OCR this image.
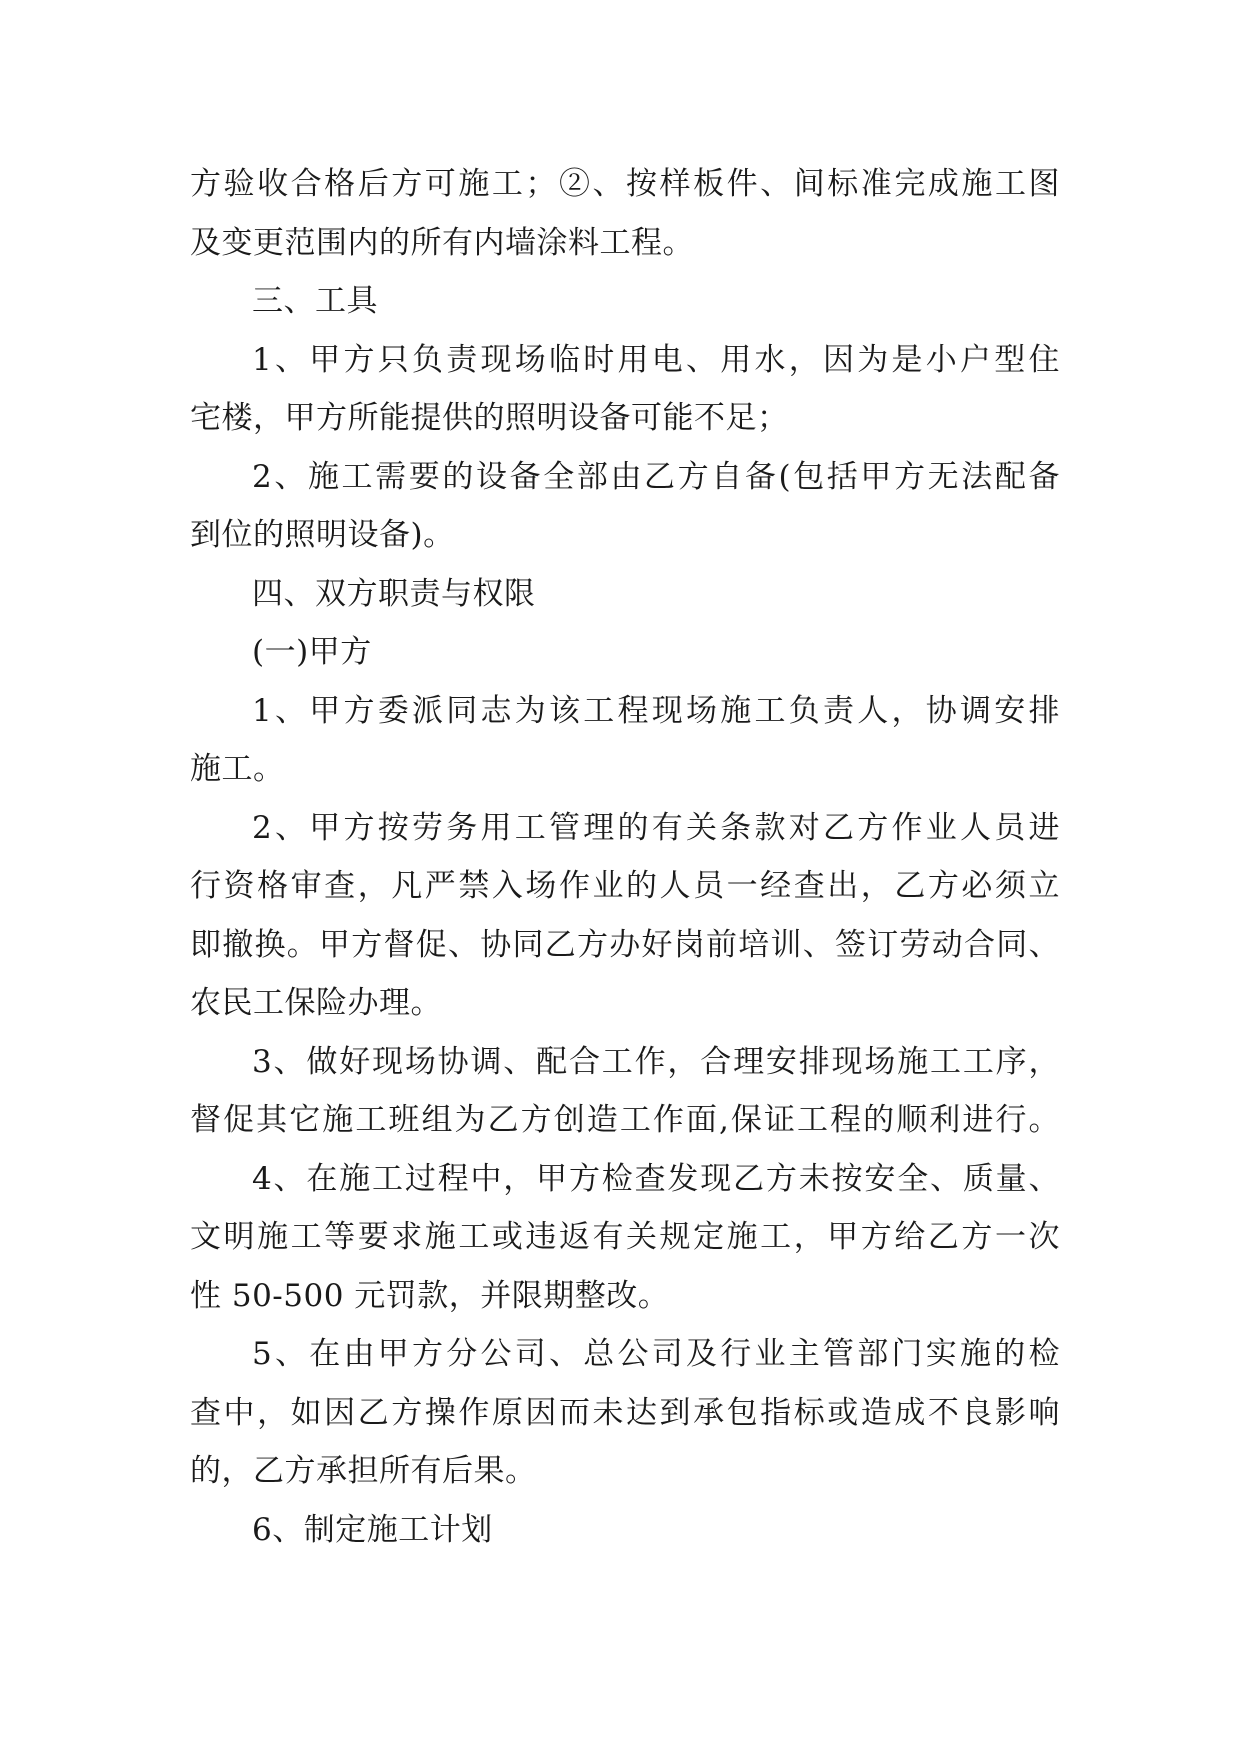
方验收合格后方可施工；②、按样板件、间标准完成施工图
及变更范围内的所有内墙涂料工程。
三、工具
1、甲方只负责现场临时用电、用水，因为是小户型住
宅楼，甲方所能提供的照明设备可能不足；
2、施工需要的设备全部由乙方自备(包括甲方无法配备
到位的照明设备)。
四、双方职责与权限
(一)甲方
1、甲方委派同志为该工程现场施工负责人，协调安排
施工。
2、甲方按劳务用工管理的有关条款对乙方作业人员进
行资格审查，凡严禁入场作业的人员一经查出，乙方必须立
即撤换。甲方督促、协同乙方办好岗前培训、签订劳动合同、
农民工保险办理。
3、做好现场协调、配合工作，合理安排现场施工工序，
督促其它施工班组为乙方创造工作面,保证工程的顺利进行。
4、在施工过程中，甲方检查发现乙方未按安全、质量、
文明施工等要求施工或违返有关规定施工，甲方给乙方一次
性 50-500 元罚款，并限期整改。
5、在由甲方分公司、总公司及行业主管部门实施的检
查中，如因乙方操作原因而未达到承包指标或造成不良影响
的，乙方承担所有后果。
6、制定施工计划
